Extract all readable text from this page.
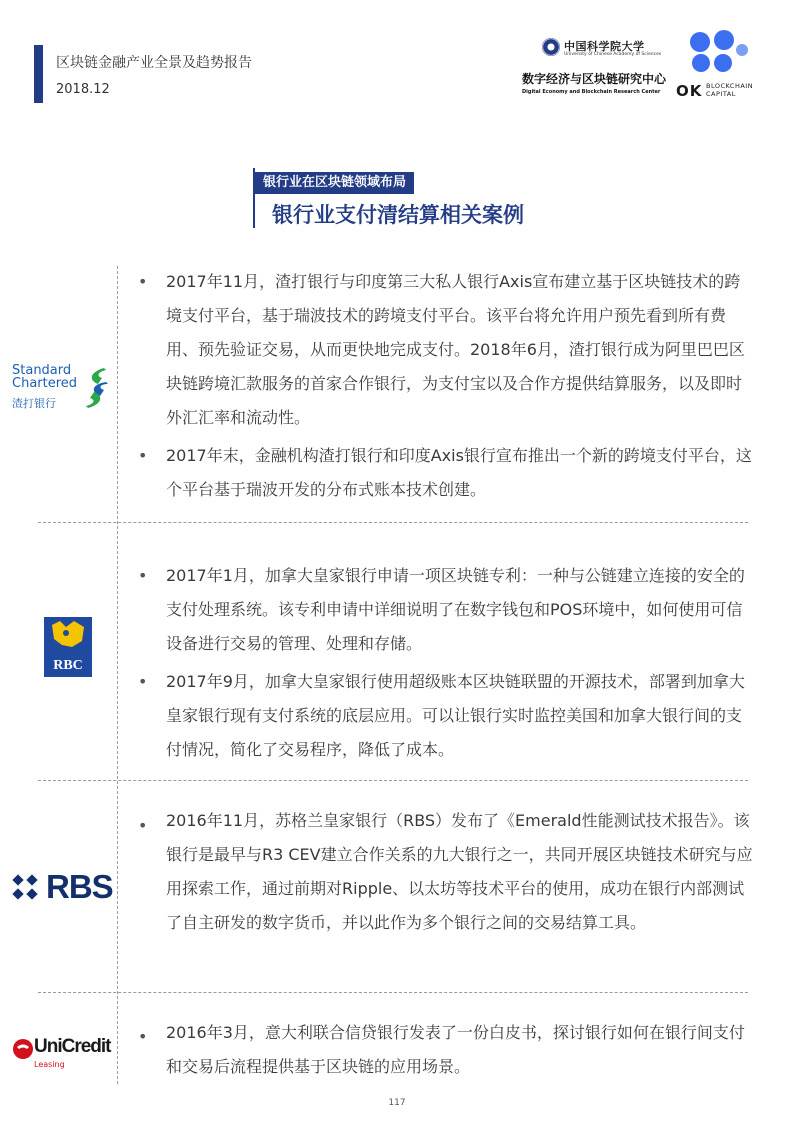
区块链金融产业全景及趋势报告
2018.12
中国科学院大学
University of Chinese Academy of Sciences
数字经济与区块链研究中心
Digital Economy and Blockchain Research Center OK BLOCKCHAIN
CAPITAL
银行业在区块链领域布局
银行业支付清结算相关案例
Standard
Chartered
渣打银行
• 2017年11月，渣打银行与印度第三大私人银行Axis宣布建立基于区块链技术的跨境支付平台，基于瑞波技术的跨境支付平台。该平台将允许用户预先看到所有费用、预先验证交易，从而更快地完成支付。2018年6月，渣打银行成为阿里巴巴区块链跨境汇款服务的首家合作银行，为支付宝以及合作方提供结算服务，以及即时外汇汇率和流动性。

• 2017年末，金融机构渣打银行和印度Axis银行宣布推出一个新的跨境支付平台，这个平台基于瑞波开发的分布式账本技术创建。

RBC
• 2017年1月，加拿大皇家银行申请一项区块链专利：一种与公链建立连接的安全的支付处理系统。该专利申请中详细说明了在数字钱包和POS环境中，如何使用可信设备进行交易的管理、处理和存储。

• 2017年9月，加拿大皇家银行使用超级账本区块链联盟的开源技术，部署到加拿大皇家银行现有支付系统的底层应用。可以让银行实时监控美国和加拿大银行间的支付情况，简化了交易程序，降低了成本。

RBS
• 2016年11月，苏格兰皇家银行（RBS）发布了《Emerald性能测试技术报告》。该银行是最早与R3 CEV建立合作关系的九大银行之一，共同开展区块链技术研究与应用探索工作，通过前期对Ripple、以太坊等技术平台的使用，成功在银行内部测试了自主研发的数字货币，并以此作为多个银行之间的交易结算工具。

UniCredit
Leasing
• 2016年3月，意大利联合信贷银行发表了一份白皮书，探讨银行如何在银行间支付和交易后流程提供基于区块链的应用场景。

117
